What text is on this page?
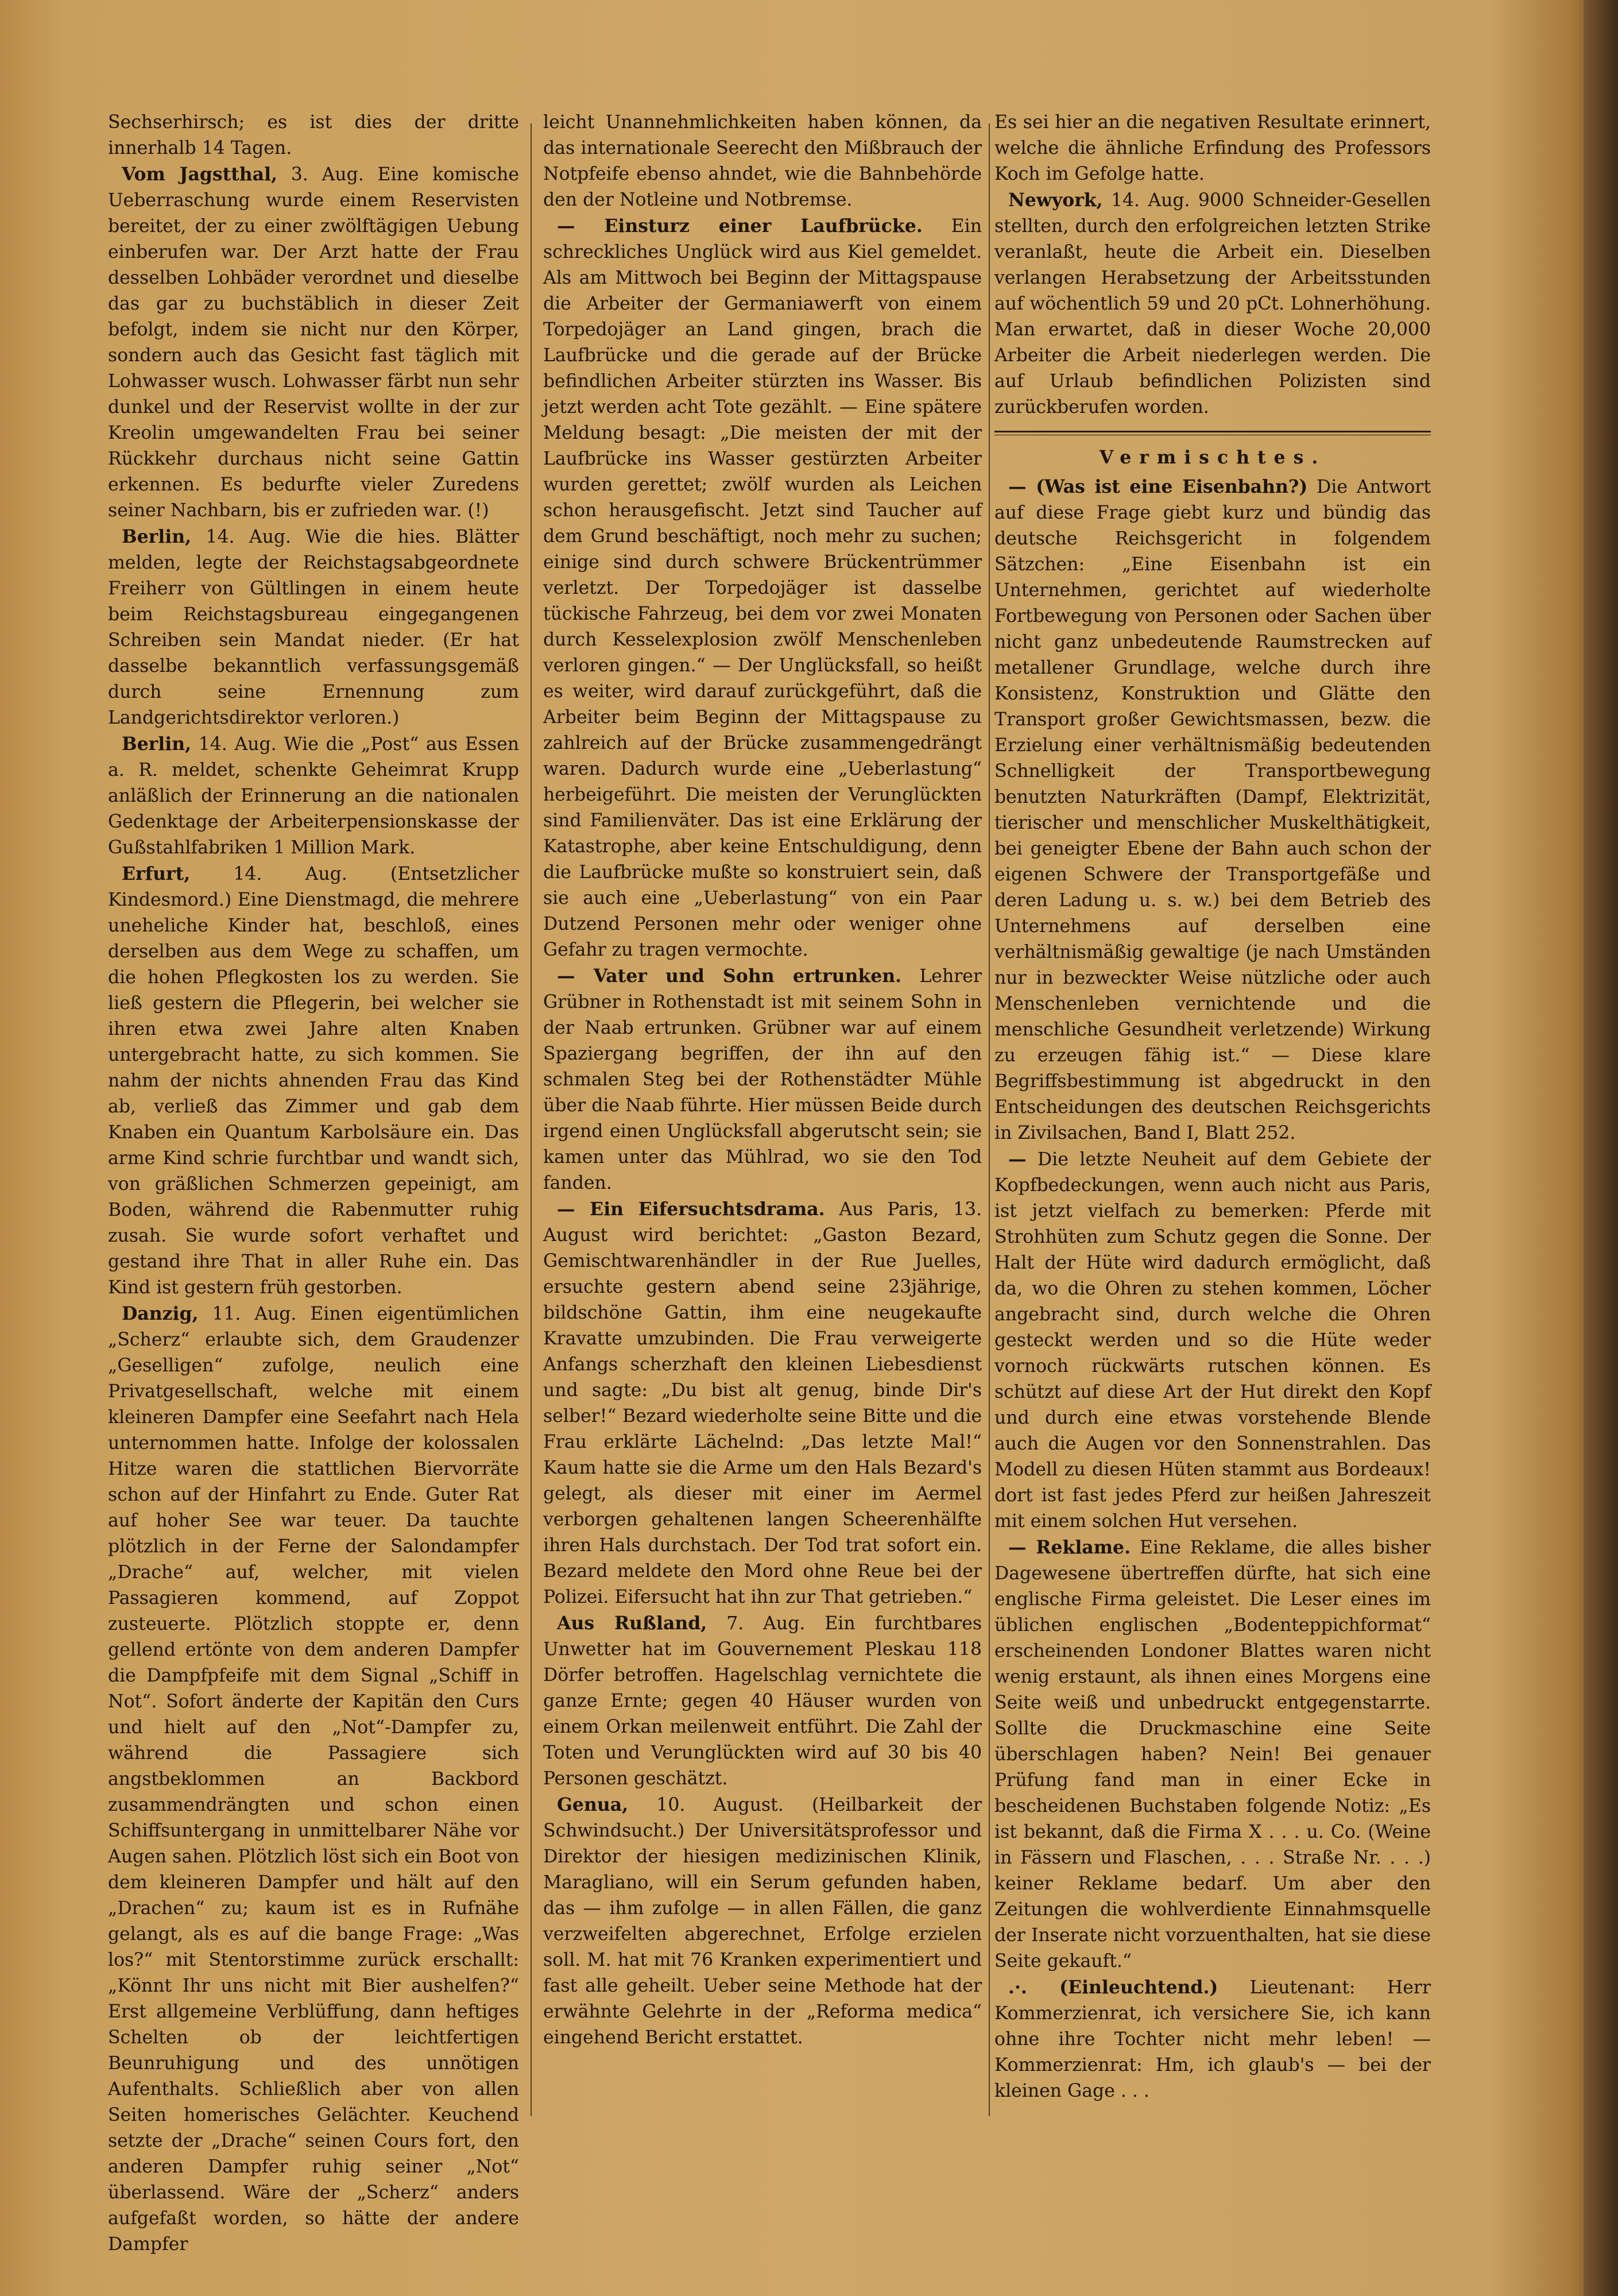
Sechserhirsch; es ist dies der dritte innerhalb 14 Tagen.

Vom Jagstthal, 3. Aug. Eine komische Ueberraschung wurde einem Reservisten bereitet, der zu einer zwölftägigen Uebung einberufen war. Der Arzt hatte der Frau desselben Lohbäder verordnet und dieselbe das gar zu buchstäblich in dieser Zeit befolgt, indem sie nicht nur den Körper, sondern auch das Gesicht fast täglich mit Lohwasser wusch. Lohwasser färbt nun sehr dunkel und der Reservist wollte in der zur Kreolin umgewandelten Frau bei seiner Rückkehr durchaus nicht seine Gattin erkennen. Es bedurfte vieler Zuredens seiner Nachbarn, bis er zufrieden war. (!)

Berlin, 14. Aug. Wie die hies. Blätter melden, legte der Reichstagsabgeordnete Freiherr von Gültlingen in einem heute beim Reichstagsbureau eingegangenen Schreiben sein Mandat nieder. (Er hat dasselbe bekanntlich verfassungsgemäß durch seine Ernennung zum Landgerichtsdirektor verloren.)

Berlin, 14. Aug. Wie die „Post“ aus Essen a. R. meldet, schenkte Geheimrat Krupp anläßlich der Erinnerung an die nationalen Gedenktage der Arbeiterpensionskasse der Gußstahlfabriken 1 Million Mark.

Erfurt, 14. Aug. (Entsetzlicher Kindesmord.) Eine Dienstmagd, die mehrere uneheliche Kinder hat, beschloß, eines derselben aus dem Wege zu schaffen, um die hohen Pflegkosten los zu werden. Sie ließ gestern die Pflegerin, bei welcher sie ihren etwa zwei Jahre alten Knaben untergebracht hatte, zu sich kommen. Sie nahm der nichts ahnenden Frau das Kind ab, verließ das Zimmer und gab dem Knaben ein Quantum Karbolsäure ein. Das arme Kind schrie furchtbar und wandt sich, von gräßlichen Schmerzen gepeinigt, am Boden, während die Rabenmutter ruhig zusah. Sie wurde sofort verhaftet und gestand ihre That in aller Ruhe ein. Das Kind ist gestern früh gestorben.

Danzig, 11. Aug. Einen eigentümlichen „Scherz“ erlaubte sich, dem Graudenzer „Geselligen“ zufolge, neulich eine Privatgesellschaft, welche mit einem kleineren Dampfer eine Seefahrt nach Hela unternommen hatte. Infolge der kolossalen Hitze waren die stattlichen Biervorräte schon auf der Hinfahrt zu Ende. Guter Rat auf hoher See war teuer. Da tauchte plötzlich in der Ferne der Salondampfer „Drache“ auf, welcher, mit vielen Passagieren kommend, auf Zoppot zusteuerte. Plötzlich stoppte er, denn gellend ertönte von dem anderen Dampfer die Dampfpfeife mit dem Signal „Schiff in Not“. Sofort änderte der Kapitän den Curs und hielt auf den „Not“-Dampfer zu, während die Passagiere sich angstbeklommen an Backbord zusammendrängten und schon einen Schiffsuntergang in unmittelbarer Nähe vor Augen sahen. Plötzlich löst sich ein Boot von dem kleineren Dampfer und hält auf den „Drachen“ zu; kaum ist es in Rufnähe gelangt, als es auf die bange Frage: „Was los?“ mit Stentorstimme zurück erschallt: „Könnt Ihr uns nicht mit Bier aushelfen?“ Erst allgemeine Verblüffung, dann heftiges Schelten ob der leichtfertigen Beunruhigung und des unnötigen Aufenthalts. Schließlich aber von allen Seiten homerisches Gelächter. Keuchend setzte der „Drache“ seinen Cours fort, den anderen Dampfer ruhig seiner „Not“ überlassend. Wäre der „Scherz“ anders aufgefaßt worden, so hätte der andere Dampfer

leicht Unannehmlichkeiten haben können, da das internationale Seerecht den Mißbrauch der Notpfeife ebenso ahndet, wie die Bahnbehörde den der Notleine und Notbremse.

— Einsturz einer Laufbrücke. Ein schreckliches Unglück wird aus Kiel gemeldet. Als am Mittwoch bei Beginn der Mittagspause die Arbeiter der Germaniawerft von einem Torpedojäger an Land gingen, brach die Laufbrücke und die gerade auf der Brücke befindlichen Arbeiter stürzten ins Wasser. Bis jetzt werden acht Tote gezählt. — Eine spätere Meldung besagt: „Die meisten der mit der Laufbrücke ins Wasser gestürzten Arbeiter wurden gerettet; zwölf wurden als Leichen schon herausgefischt. Jetzt sind Taucher auf dem Grund beschäftigt, noch mehr zu suchen; einige sind durch schwere Brückentrümmer verletzt. Der Torpedojäger ist dasselbe tückische Fahrzeug, bei dem vor zwei Monaten durch Kesselexplosion zwölf Menschenleben verloren gingen.“ — Der Unglücksfall, so heißt es weiter, wird darauf zurückgeführt, daß die Arbeiter beim Beginn der Mittagspause zu zahlreich auf der Brücke zusammengedrängt waren. Dadurch wurde eine „Ueberlastung“ herbeigeführt. Die meisten der Verunglückten sind Familienväter. Das ist eine Erklärung der Katastrophe, aber keine Entschuldigung, denn die Laufbrücke mußte so konstruiert sein, daß sie auch eine „Ueberlastung“ von ein Paar Dutzend Personen mehr oder weniger ohne Gefahr zu tragen vermochte.

— Vater und Sohn ertrunken. Lehrer Grübner in Rothenstadt ist mit seinem Sohn in der Naab ertrunken. Grübner war auf einem Spaziergang begriffen, der ihn auf den schmalen Steg bei der Rothenstädter Mühle über die Naab führte. Hier müssen Beide durch irgend einen Unglücksfall abgerutscht sein; sie kamen unter das Mühlrad, wo sie den Tod fanden.

— Ein Eifersuchtsdrama. Aus Paris, 13. August wird berichtet: „Gaston Bezard, Gemischtwarenhändler in der Rue Juelles, ersuchte gestern abend seine 23jährige, bildschöne Gattin, ihm eine neugekaufte Kravatte umzubinden. Die Frau verweigerte Anfangs scherzhaft den kleinen Liebesdienst und sagte: „Du bist alt genug, binde Dir's selber!“ Bezard wiederholte seine Bitte und die Frau erklärte Lächelnd: „Das letzte Mal!“ Kaum hatte sie die Arme um den Hals Bezard's gelegt, als dieser mit einer im Aermel verborgen gehaltenen langen Scheerenhälfte ihren Hals durchstach. Der Tod trat sofort ein. Bezard meldete den Mord ohne Reue bei der Polizei. Eifersucht hat ihn zur That getrieben.“

Aus Rußland, 7. Aug. Ein furchtbares Unwetter hat im Gouvernement Pleskau 118 Dörfer betroffen. Hagelschlag vernichtete die ganze Ernte; gegen 40 Häuser wurden von einem Orkan meilenweit entführt. Die Zahl der Toten und Verunglückten wird auf 30 bis 40 Personen geschätzt.

Genua, 10. August. (Heilbarkeit der Schwindsucht.) Der Universitätsprofessor und Direktor der hiesigen medizinischen Klinik, Maragliano, will ein Serum gefunden haben, das — ihm zufolge — in allen Fällen, die ganz verzweifelten abgerechnet, Erfolge erzielen soll. M. hat mit 76 Kranken experimentiert und fast alle geheilt. Ueber seine Methode hat der erwähnte Gelehrte in der „Reforma medica“ eingehend Bericht erstattet.

Es sei hier an die negativen Resultate erinnert, welche die ähnliche Erfindung des Professors Koch im Gefolge hatte.

Newyork, 14. Aug. 9000 Schneider-Gesellen stellten, durch den erfolgreichen letzten Strike veranlaßt, heute die Arbeit ein. Dieselben verlangen Herabsetzung der Arbeitsstunden auf wöchentlich 59 und 20 pCt. Lohnerhöhung. Man erwartet, daß in dieser Woche 20,000 Arbeiter die Arbeit niederlegen werden. Die auf Urlaub befindlichen Polizisten sind zurückberufen worden.

Vermischtes.

— (Was ist eine Eisenbahn?) Die Antwort auf diese Frage giebt kurz und bündig das deutsche Reichsgericht in folgendem Sätzchen: „Eine Eisenbahn ist ein Unternehmen, gerichtet auf wiederholte Fortbewegung von Personen oder Sachen über nicht ganz unbedeutende Raumstrecken auf metallener Grundlage, welche durch ihre Konsistenz, Konstruktion und Glätte den Transport großer Gewichtsmassen, bezw. die Erzielung einer verhältnismäßig bedeutenden Schnelligkeit der Transportbewegung benutzten Naturkräften (Dampf, Elektrizität, tierischer und menschlicher Muskelthätigkeit, bei geneigter Ebene der Bahn auch schon der eigenen Schwere der Transportgefäße und deren Ladung u. s. w.) bei dem Betrieb des Unternehmens auf derselben eine verhältnismäßig gewaltige (je nach Umständen nur in bezweckter Weise nützliche oder auch Menschenleben vernichtende und die menschliche Gesundheit verletzende) Wirkung zu erzeugen fähig ist.“ — Diese klare Begriffsbestimmung ist abgedruckt in den Entscheidungen des deutschen Reichsgerichts in Zivilsachen, Band I, Blatt 252.

— Die letzte Neuheit auf dem Gebiete der Kopfbedeckungen, wenn auch nicht aus Paris, ist jetzt vielfach zu bemerken: Pferde mit Strohhüten zum Schutz gegen die Sonne. Der Halt der Hüte wird dadurch ermöglicht, daß da, wo die Ohren zu stehen kommen, Löcher angebracht sind, durch welche die Ohren gesteckt werden und so die Hüte weder vornoch rückwärts rutschen können. Es schützt auf diese Art der Hut direkt den Kopf und durch eine etwas vorstehende Blende auch die Augen vor den Sonnenstrahlen. Das Modell zu diesen Hüten stammt aus Bordeaux! dort ist fast jedes Pferd zur heißen Jahreszeit mit einem solchen Hut versehen.

— Reklame. Eine Reklame, die alles bisher Dagewesene übertreffen dürfte, hat sich eine englische Firma geleistet. Die Leser eines im üblichen englischen „Bodenteppichformat“ erscheinenden Londoner Blattes waren nicht wenig erstaunt, als ihnen eines Morgens eine Seite weiß und unbedruckt entgegenstarrte. Sollte die Druckmaschine eine Seite überschlagen haben? Nein! Bei genauer Prüfung fand man in einer Ecke in bescheidenen Buchstaben folgende Notiz: „Es ist bekannt, daß die Firma X . . . u. Co. (Weine in Fässern und Flaschen, . . . Straße Nr. . . .) keiner Reklame bedarf. Um aber den Zeitungen die wohlverdiente Einnahmsquelle der Inserate nicht vorzuenthalten, hat sie diese Seite gekauft.“

.·. (Einleuchtend.) Lieutenant: Herr Kommerzienrat, ich versichere Sie, ich kann ohne ihre Tochter nicht mehr leben! — Kommerzienrat: Hm, ich glaub's — bei der kleinen Gage . . .
